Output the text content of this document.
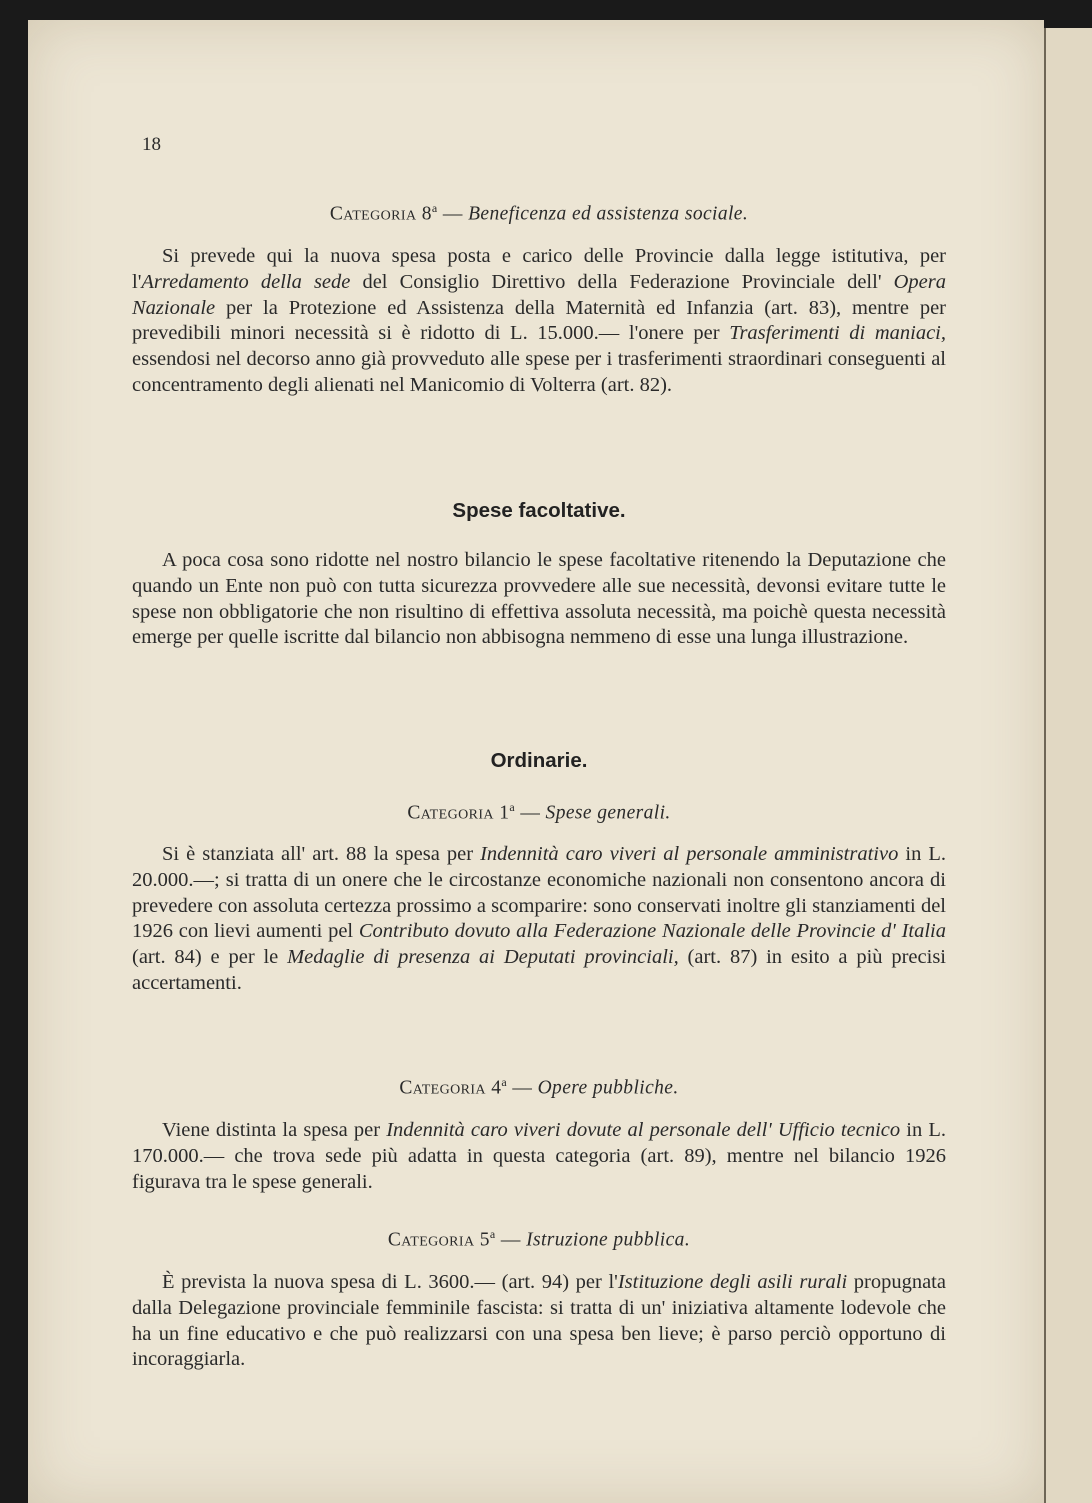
18
Categoria 8$^a$ — Beneficenza ed assistenza sociale.

Si prevede qui la nuova spesa posta e carico delle Provincie dalla legge istitutiva, per l'Arredamento della sede del Consiglio Direttivo della Federazione Provinciale dell' Opera Nazionale per la Protezione ed Assistenza della Maternità ed Infanzia (art. 83), mentre per prevedibili minori necessità si è ridotto di L. 15.000.— l'onere per Trasferimenti di maniaci, essendosi nel decorso anno già provveduto alle spese per i trasferimenti straordinari conseguenti al concentramento degli alienati nel Manicomio di Volterra (art. 82).

Spese facoltative.

A poca cosa sono ridotte nel nostro bilancio le spese facoltative ritenendo la Deputazione che quando un Ente non può con tutta sicurezza provvedere alle sue necessità, devonsi evitare tutte le spese non obbligatorie che non risultino di effettiva assoluta necessità, ma poichè questa necessità emerge per quelle iscritte dal bilancio non abbisogna nemmeno di esse una lunga illustrazione.

Ordinarie.
Categoria 1$^a$ — Spese generali.

Si è stanziata all' art. 88 la spesa per Indennità caro viveri al personale amministrativo in L. 20.000.—; si tratta di un onere che le circostanze economiche nazionali non consentono ancora di prevedere con assoluta certezza prossimo a scomparire: sono conservati inoltre gli stanziamenti del 1926 con lievi aumenti pel Contributo dovuto alla Federazione Nazionale delle Provincie d' Italia (art. 84) e per le Medaglie di presenza ai Deputati provinciali, (art. 87) in esito a più precisi accertamenti.

Categoria 4$^a$ — Opere pubbliche.

Viene distinta la spesa per Indennità caro viveri dovute al personale dell' Ufficio tecnico in L. 170.000.— che trova sede più adatta in questa categoria (art. 89), mentre nel bilancio 1926 figurava tra le spese generali.

Categoria 5$^a$ — Istruzione pubblica.

È prevista la nuova spesa di L. 3600.— (art. 94) per l'Istituzione degli asili rurali propugnata dalla Delegazione provinciale femminile fascista: si tratta di un' iniziativa altamente lodevole che ha un fine educativo e che può realizzarsi con una spesa ben lieve; è parso perciò opportuno di incoraggiarla.
